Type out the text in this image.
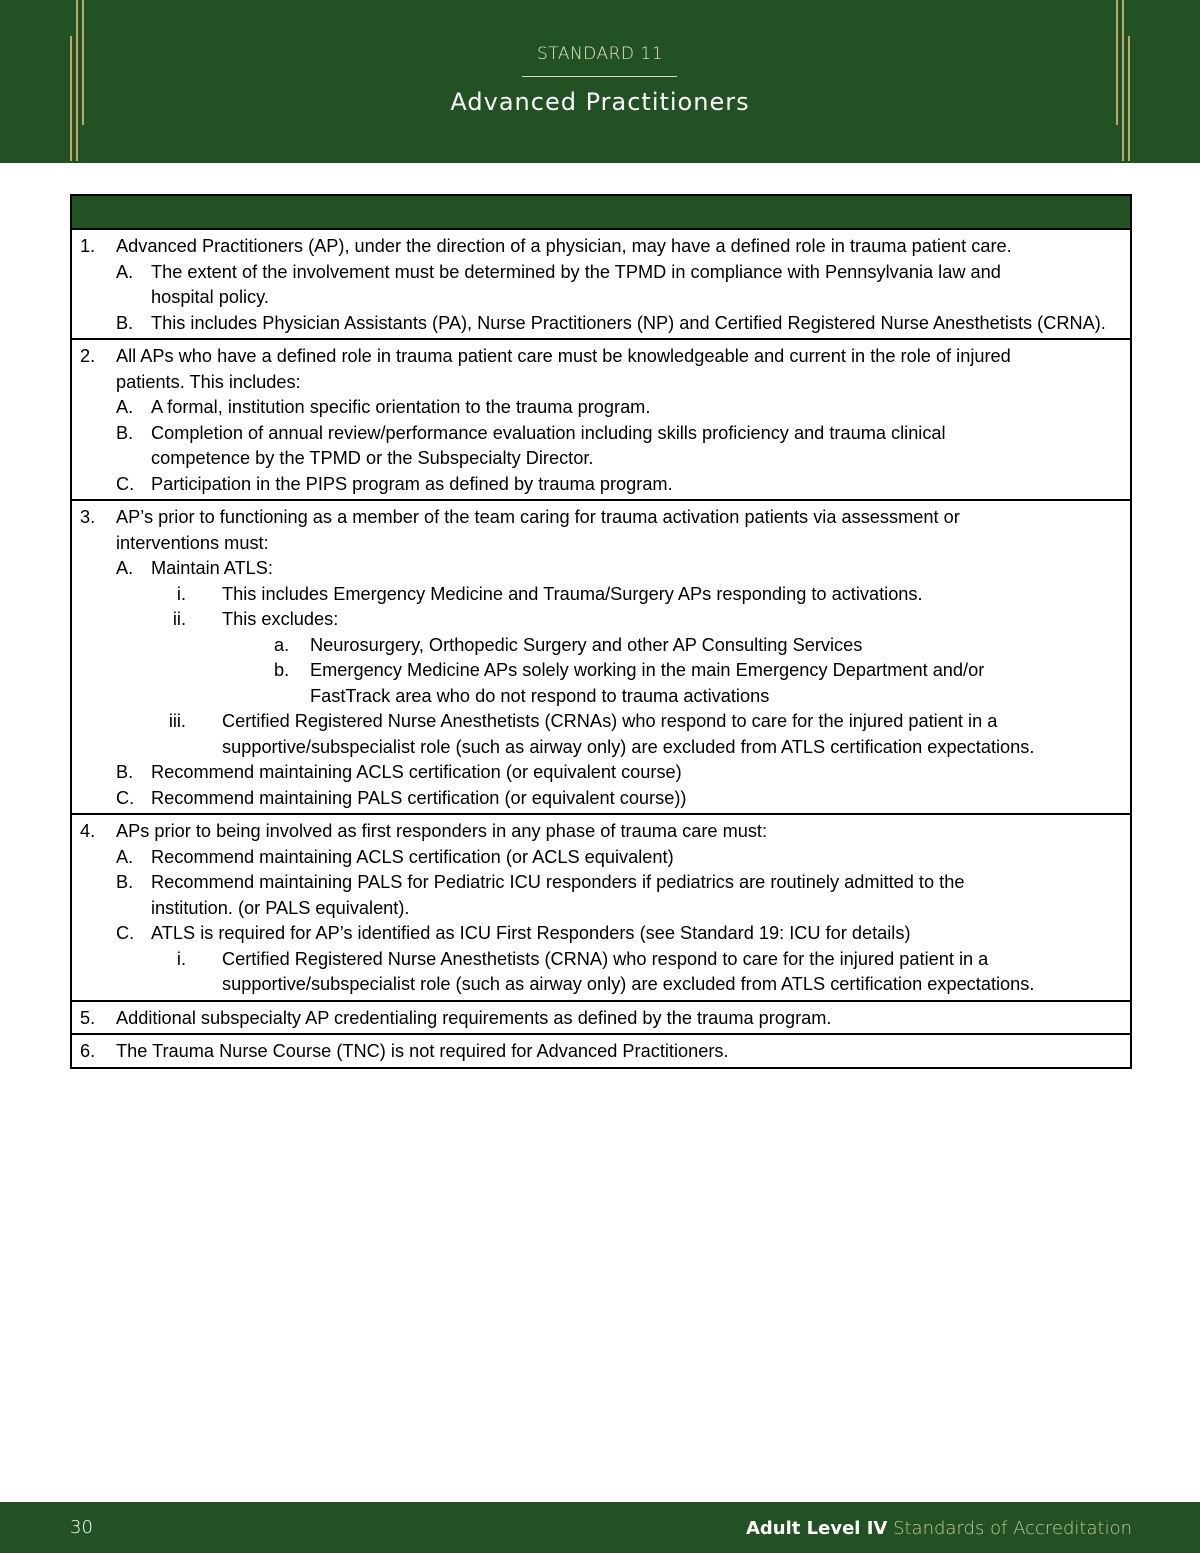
STANDARD 11
Advanced Practitioners
1. Advanced Practitioners (AP), under the direction of a physician, may have a defined role in trauma patient care.
A. The extent of the involvement must be determined by the TPMD in compliance with Pennsylvania law and
hospital policy.
B. This includes Physician Assistants (PA), Nurse Practitioners (NP) and Certified Registered Nurse Anesthetists (CRNA).
2. All APs who have a defined role in trauma patient care must be knowledgeable and current in the role of injured
patients. This includes:
A. A formal, institution specific orientation to the trauma program.
B. Completion of annual review/performance evaluation including skills proficiency and trauma clinical
competence by the TPMD or the Subspecialty Director.
C. Participation in the PIPS program as defined by trauma program.
3. AP’s prior to functioning as a member of the team caring for trauma activation patients via assessment or
interventions must:
A. Maintain ATLS:
i. This includes Emergency Medicine and Trauma/Surgery APs responding to activations.
ii. This excludes:
a. Neurosurgery, Orthopedic Surgery and other AP Consulting Services
b. Emergency Medicine APs solely working in the main Emergency Department and/or
FastTrack area who do not respond to trauma activations
iii. Certified Registered Nurse Anesthetists (CRNAs) who respond to care for the injured patient in a
supportive/subspecialist role (such as airway only) are excluded from ATLS certification expectations.
B. Recommend maintaining ACLS certification (or equivalent course)
C. Recommend maintaining PALS certification (or equivalent course))
4. APs prior to being involved as first responders in any phase of trauma care must:
A. Recommend maintaining ACLS certification (or ACLS equivalent)
B. Recommend maintaining PALS for Pediatric ICU responders if pediatrics are routinely admitted to the
institution. (or PALS equivalent).
C. ATLS is required for AP’s identified as ICU First Responders (see Standard 19: ICU for details)
i. Certified Registered Nurse Anesthetists (CRNA) who respond to care for the injured patient in a
supportive/subspecialist role (such as airway only) are excluded from ATLS certification expectations.
5. Additional subspecialty AP credentialing requirements as defined by the trauma program.
6. The Trauma Nurse Course (TNC) is not required for Advanced Practitioners.
30	Adult Level IV Standards of Accreditation
